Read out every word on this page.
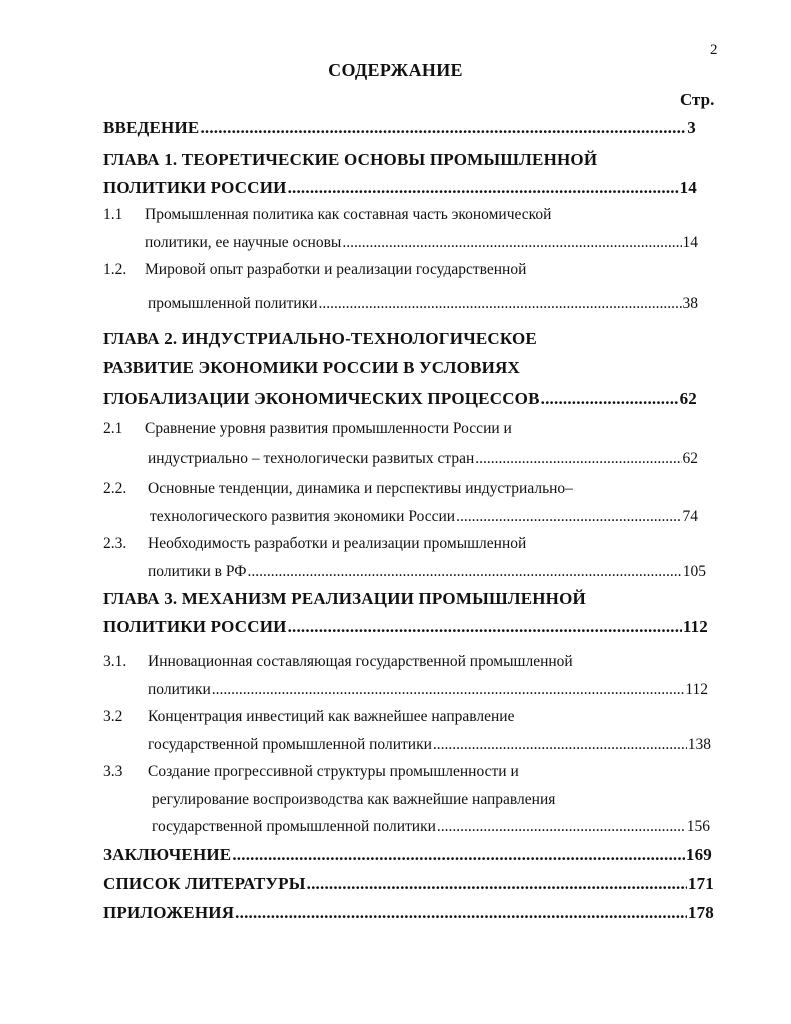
2
СОДЕРЖАНИЕ
Стр.
ВВЕДЕНИЕ .....	3
ГЛАВА 1. ТЕОРЕТИЧЕСКИЕ ОСНОВЫ ПРОМЫШЛЕННОЙ
ПОЛИТИКИ РОССИИ .....	14
1.1 Промышленная политика как составная часть экономической
политики, ее научные основы .....	14
1.2. Мировой опыт разработки и реализации государственной
промышленной политики .....	38
ГЛАВА 2. ИНДУСТРИАЛЬНО-ТЕХНОЛОГИЧЕСКОЕ
РАЗВИТИЕ ЭКОНОМИКИ РОССИИ В УСЛОВИЯХ
ГЛОБАЛИЗАЦИИ ЭКОНОМИЧЕСКИХ ПРОЦЕССОВ .....	62
2.1 Сравнение уровня развития промышленности России и
индустриально – технологически развитых стран .....	62
2.2. Основные тенденции, динамика и перспективы индустриально–
технологического развития экономики России .....	74
2.3. Необходимость разработки и реализации промышленной
политики в РФ .....	105
ГЛАВА 3. МЕХАНИЗМ РЕАЛИЗАЦИИ ПРОМЫШЛЕННОЙ
ПОЛИТИКИ РОССИИ .....	112
3.1. Инновационная составляющая государственной промышленной
политики .....	112
3.2 Концентрация инвестиций как важнейшее направление
государственной промышленной политики .....	138
3.3 Создание прогрессивной структуры промышленности и
регулирование воспроизводства как важнейшие направления
государственной промышленной политики .....	156
ЗАКЛЮЧЕНИЕ .....	169
СПИСОК ЛИТЕРАТУРЫ .....	171
ПРИЛОЖЕНИЯ .....	178
